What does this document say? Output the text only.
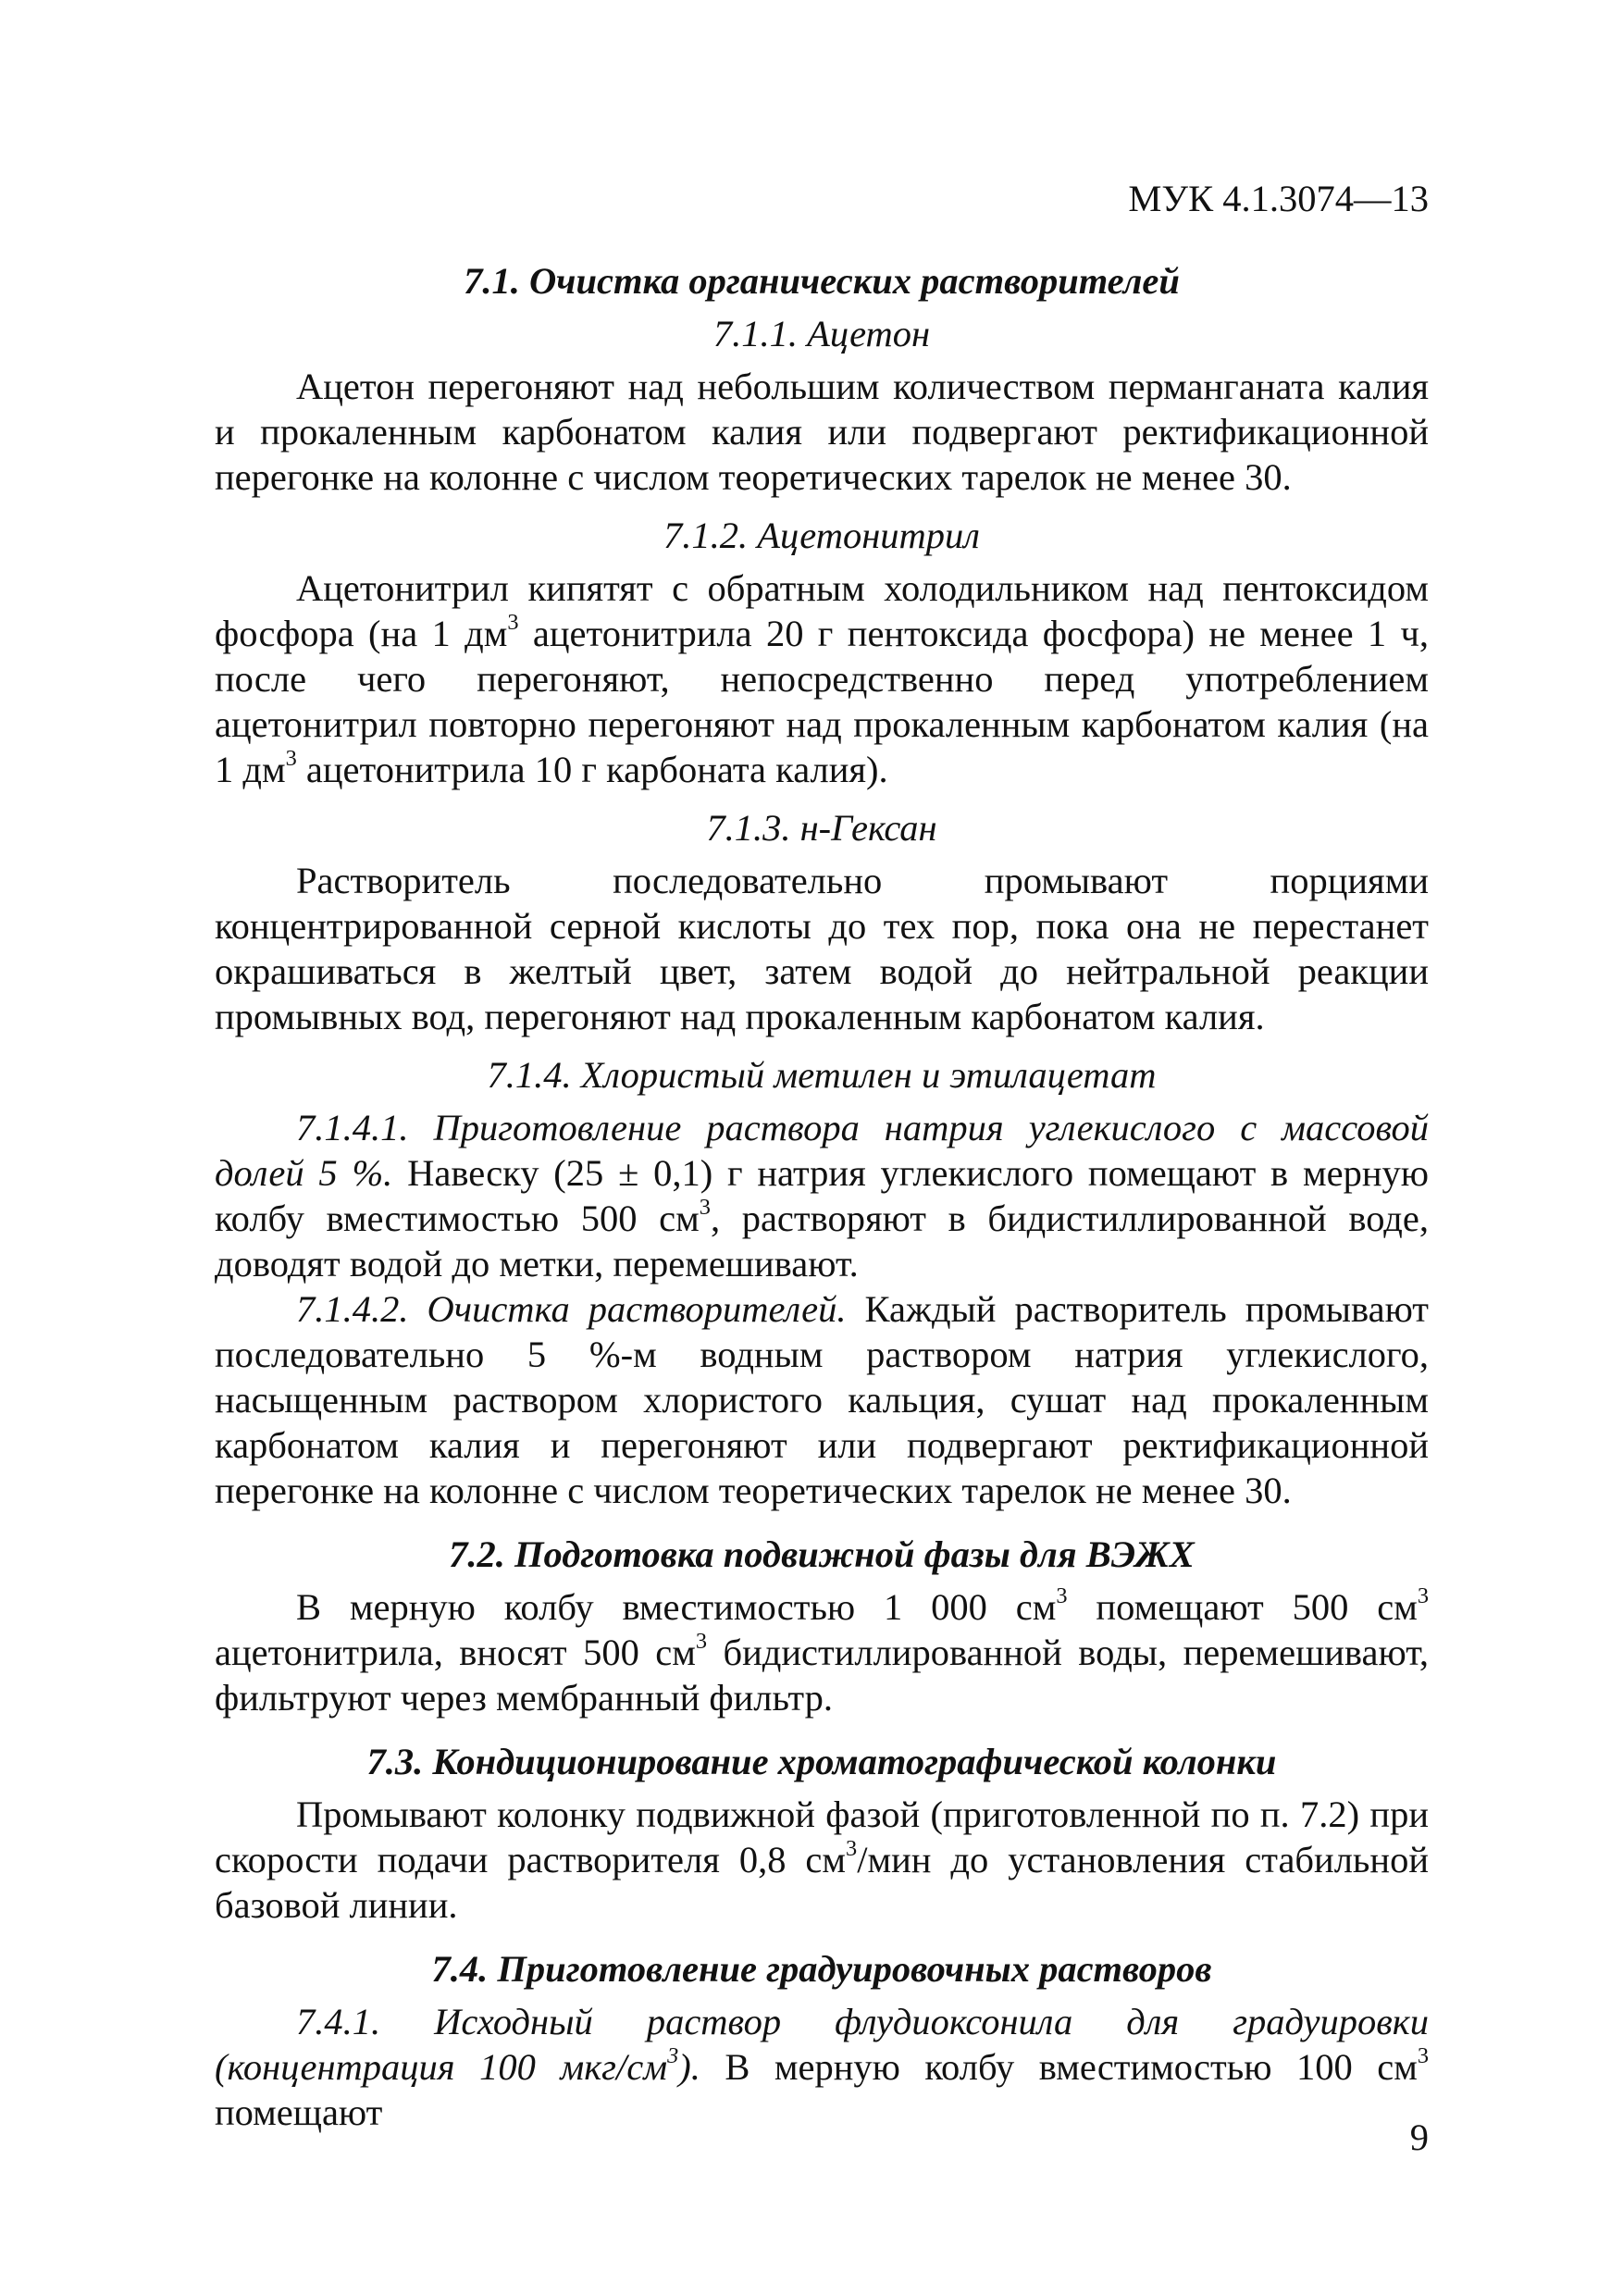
МУК 4.1.3074—13
7.1. Очистка органических растворителей
7.1.1. Ацетон

Ацетон перегоняют над небольшим количеством перманганата калия и прокаленным карбонатом калия или подвергают ректификационной перегонке на колонне с числом теоретических тарелок не менее 30.

7.1.2. Ацетонитрил

Ацетонитрил кипятят с обратным холодильником над пентоксидом фосфора (на 1 $дм^3$ ацетонитрила 20 г пентоксида фосфора) не менее 1 ч, после чего перегоняют, непосредственно перед употреблением ацетонитрил повторно перегоняют над прокаленным карбонатом калия (на 1 $дм^3$ ацетонитрила 10 г карбоната калия).

7.1.3. н-Гексан

Растворитель последовательно промывают порциями концентрированной серной кислоты до тех пор, пока она не перестанет окрашиваться в желтый цвет, затем водой до нейтральной реакции промывных вод, перегоняют над прокаленным карбонатом калия.

7.1.4. Хлористый метилен и этилацетат

7.1.4.1. Приготовление раствора натрия углекислого с массовой долей 5 %. Навеску (25 ± 0,1) г натрия углекислого помещают в мерную колбу вместимостью 500 $см^3$, растворяют в бидистиллированной воде, доводят водой до метки, перемешивают.

7.1.4.2. Очистка растворителей. Каждый растворитель промывают последовательно 5 %-м водным раствором натрия углекислого, насыщенным раствором хлористого кальция, сушат над прокаленным карбонатом калия и перегоняют или подвергают ректификационной перегонке на колонне с числом теоретических тарелок не менее 30.

7.2. Подготовка подвижной фазы для ВЭЖХ

В мерную колбу вместимостью 1 000 $см^3$ помещают 500 $см^3$ ацетонитрила, вносят 500 $см^3$ бидистиллированной воды, перемешивают, фильтруют через мембранный фильтр.

7.3. Кондиционирование хроматографической колонки

Промывают колонку подвижной фазой (приготовленной по п. 7.2) при скорости подачи растворителя 0,8 $см^3$/мин до установления стабильной базовой линии.

7.4. Приготовление градуировочных растворов

7.4.1. Исходный раствор флудиоксонила для градуировки (концентрация 100 мкг/$см^3$). В мерную колбу вместимостью 100 $см^3$ помещают

9
